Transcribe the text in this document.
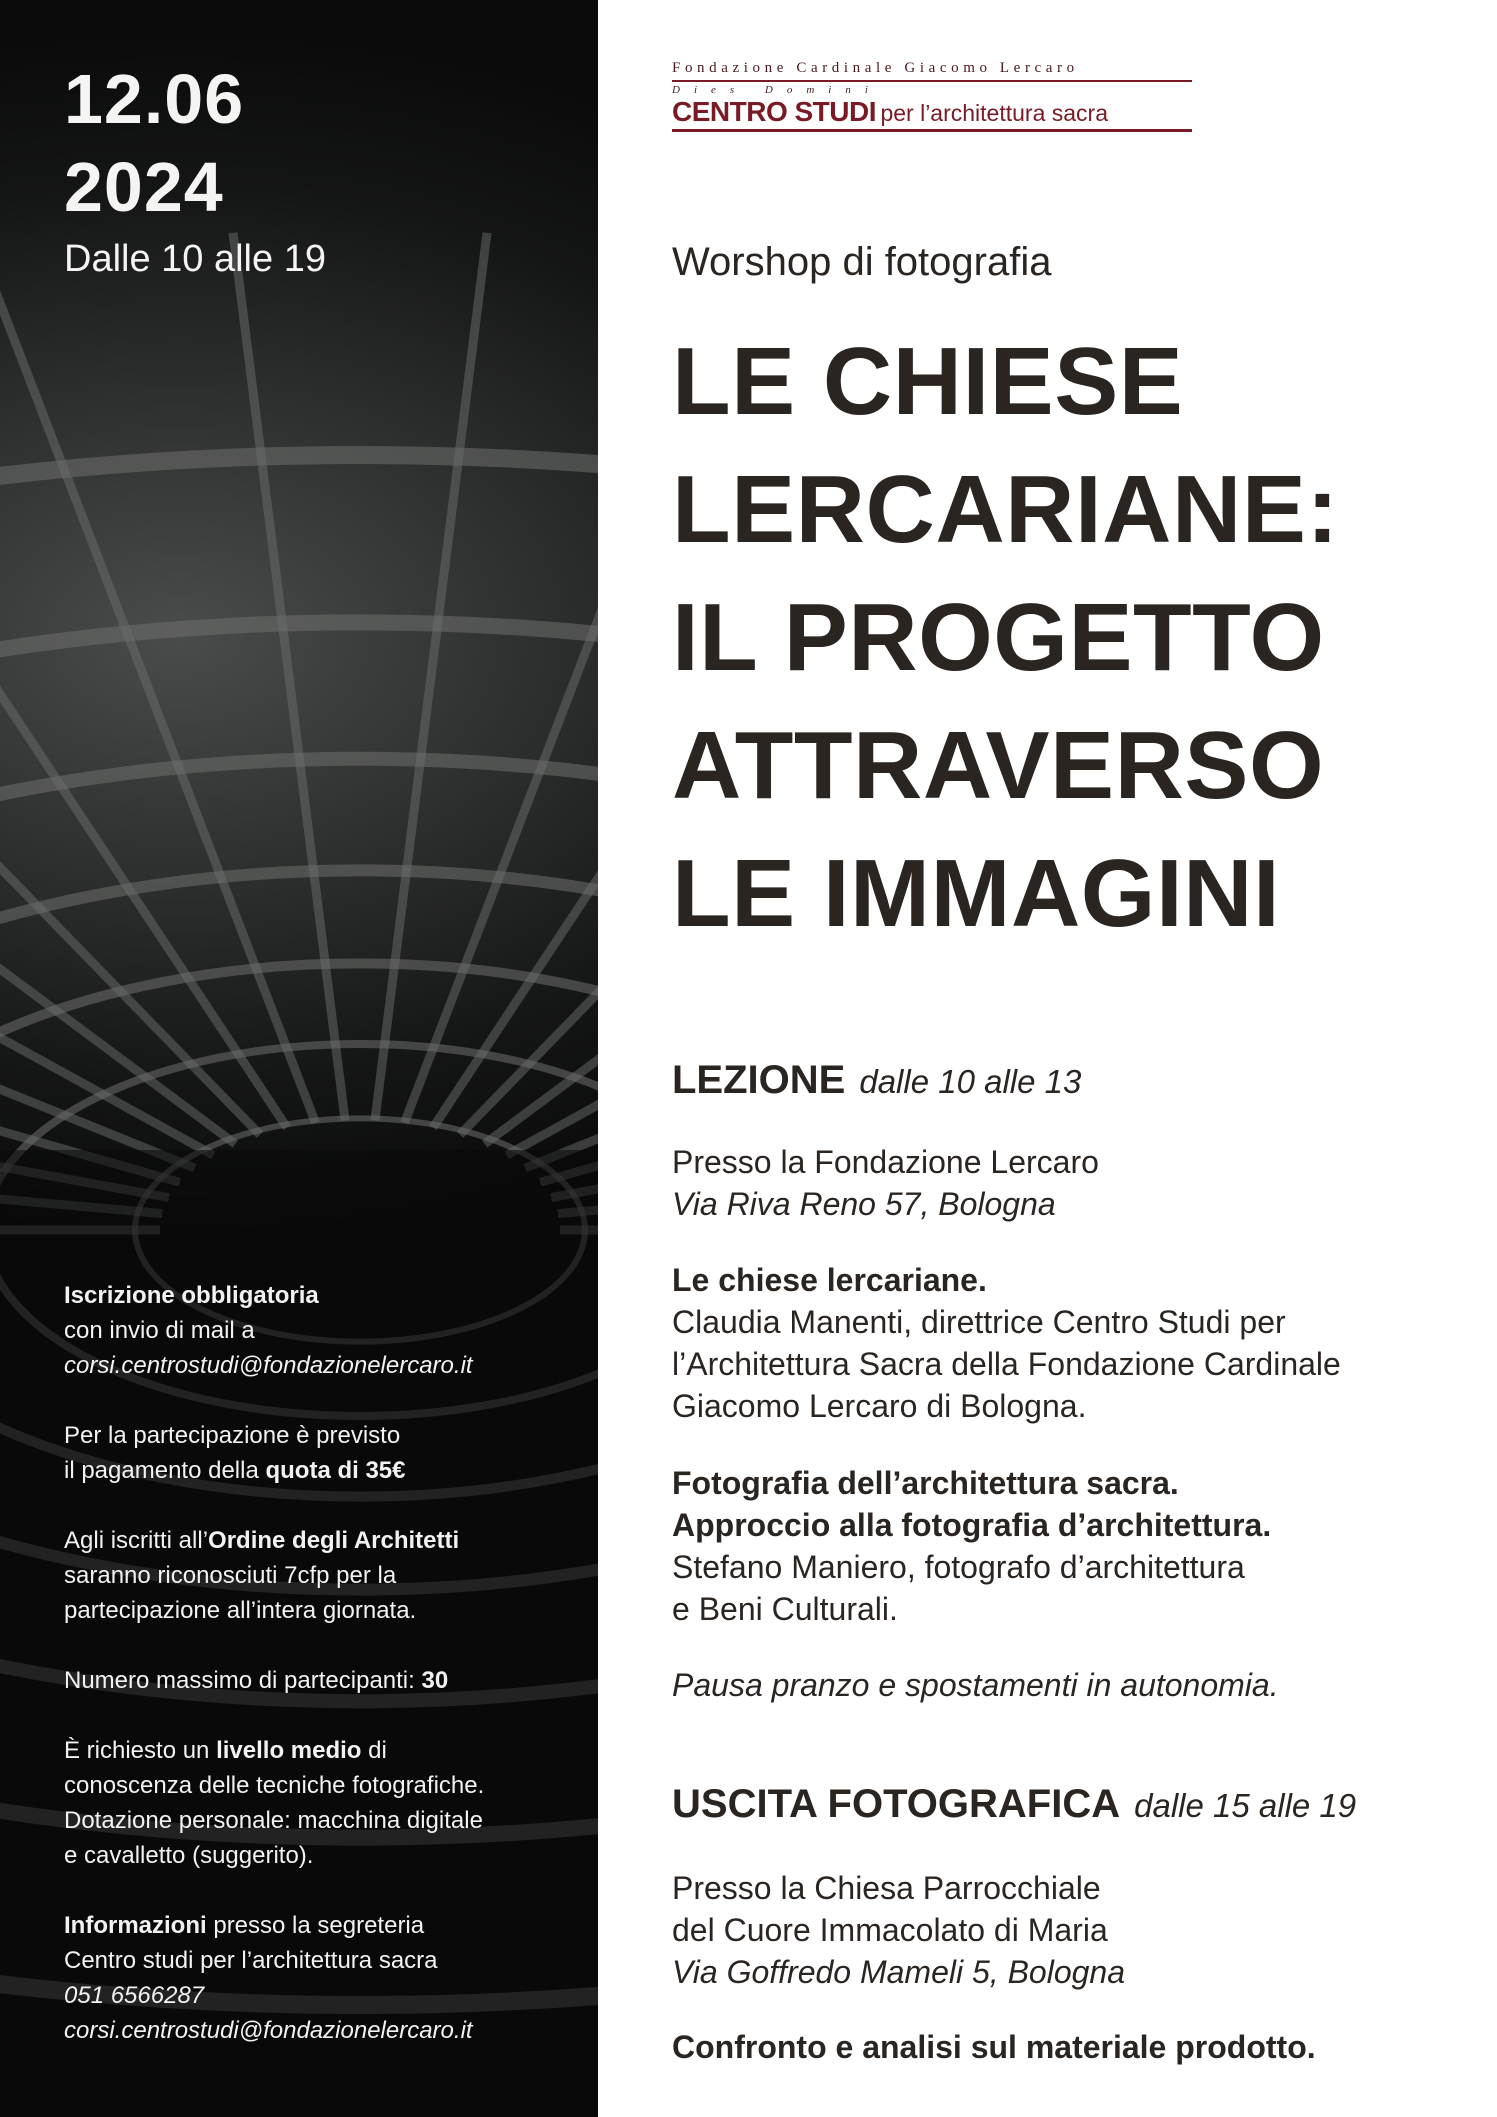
12.06
2024
Dalle 10 alle 19

Iscrizione obbligatoria
con invio di mail a
corsi.centrostudi@fondazionelercaro.it

Per la partecipazione è previsto
il pagamento della quota di 35€

Agli iscritti all’Ordine degli Architetti
saranno riconosciuti 7cfp per la
partecipazione all’intera giornata.

Numero massimo di partecipanti: 30

È richiesto un livello medio di
conoscenza delle tecniche fotografiche.
Dotazione personale: macchina digitale
e cavalletto (suggerito).

Informazioni presso la segreteria
Centro studi per l’architettura sacra
051 6566287
corsi.centrostudi@fondazionelercaro.it

Fondazione Cardinale Giacomo Lercaro
Dies Domini
CENTRO STUDI per l’architettura sacra
Worshop di fotografia
LE CHIESE
LERCARIANE:
IL PROGETTO
ATTRAVERSO
LE IMMAGINI
LEZIONE dalle 10 alle 13
Presso la Fondazione Lercaro
Via Riva Reno 57, Bologna
Le chiese lercariane.
Claudia Manenti, direttrice Centro Studi per
l’Architettura Sacra della Fondazione Cardinale
Giacomo Lercaro di Bologna.
Fotografia dell’architettura sacra.
Approccio alla fotografia d’architettura.
Stefano Maniero, fotografo d’architettura
e Beni Culturali.
Pausa pranzo e spostamenti in autonomia.
USCITA FOTOGRAFICA dalle 15 alle 19
Presso la Chiesa Parrocchiale
del Cuore Immacolato di Maria
Via Goffredo Mameli 5, Bologna
Confronto e analisi sul materiale prodotto.
